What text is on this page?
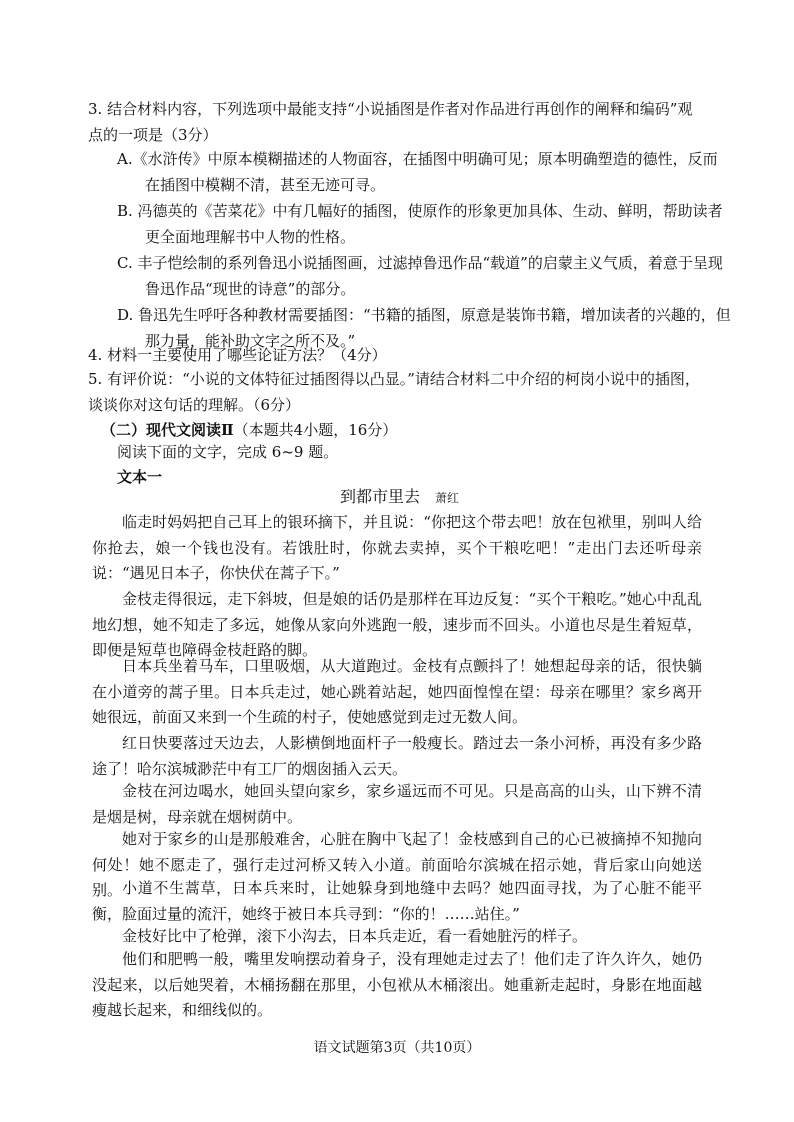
3. 结合材料内容，下列选项中最能支持“小说插图是作者对作品进行再创作的阐释和编码”观点的一项是（3分）
A.《水浒传》中原本模糊描述的人物面容，在插图中明确可见；原本明确塑造的德性，反而在插图中模糊不清，甚至无迹可寻。
B. 冯德英的《苦菜花》中有几幅好的插图，使原作的形象更加具体、生动、鲜明，帮助读者更全面地理解书中人物的性格。
C. 丰子恺绘制的系列鲁迅小说插图画，过滤掉鲁迅作品“载道”的启蒙主义气质，着意于呈现鲁迅作品“现世的诗意”的部分。
D. 鲁迅先生呼吁各种教材需要插图：“书籍的插图，原意是装饰书籍，增加读者的兴趣的，但那力量，能补助文字之所不及。”
4. 材料一主要使用了哪些论证方法？（4分）
5. 有评价说：“小说的文体特征过插图得以凸显。”请结合材料二中介绍的柯岗小说中的插图，谈谈你对这句话的理解。（6分）
（二）现代文阅读Ⅱ（本题共4小题，16分）
阅读下面的文字，完成 6~9 题。
文本一
到都市里去 萧红
临走时妈妈把自己耳上的银环摘下，并且说：“你把这个带去吧！放在包袱里，别叫人给你抢去，娘一个钱也没有。若饿肚时，你就去卖掉，买个干粮吃吧！”走出门去还听母亲说：“遇见日本子，你快伏在蒿子下。”
金枝走得很远，走下斜坡，但是娘的话仍是那样在耳边反复：“买个干粮吃。”她心中乱乱地幻想，她不知走了多远，她像从家向外逃跑一般，速步而不回头。小道也尽是生着短草，即便是短草也障碍金枝赶路的脚。
日本兵坐着马车，口里吸烟，从大道跑过。金枝有点颤抖了！她想起母亲的话，很快躺在小道旁的蒿子里。日本兵走过，她心跳着站起，她四面惶惶在望：母亲在哪里？家乡离开她很远，前面又来到一个生疏的村子，使她感觉到走过无数人间。
红日快要落过天边去，人影横倒地面杆子一般瘦长。踏过去一条小河桥，再没有多少路途了！哈尔滨城渺茫中有工厂的烟囱插入云天。
金枝在河边喝水，她回头望向家乡，家乡遥远而不可见。只是高高的山头，山下辨不清是烟是树，母亲就在烟树荫中。
她对于家乡的山是那般难舍，心脏在胸中飞起了！金枝感到自己的心已被摘掉不知抛向何处！她不愿走了，强行走过河桥又转入小道。前面哈尔滨城在招示她，背后家山向她送别。 小道不生蒿草，日本兵来时，让她躲身到地缝中去吗？她四面寻找，为了心脏不能平衡，脸面过量的流汗，她终于被日本兵寻到：“你的！……站住。”
金枝好比中了枪弹，滚下小沟去，日本兵走近，看一看她脏污的样子。
他们和肥鸭一般，嘴里发响摆动着身子，没有理她走过去了！他们走了许久许久，她仍没起来，以后她哭着，木桶扬翻在那里，小包袱从木桶滚出。她重新走起时，身影在地面越瘦越长起来，和细线似的。
语文试题第3页（共10页）
